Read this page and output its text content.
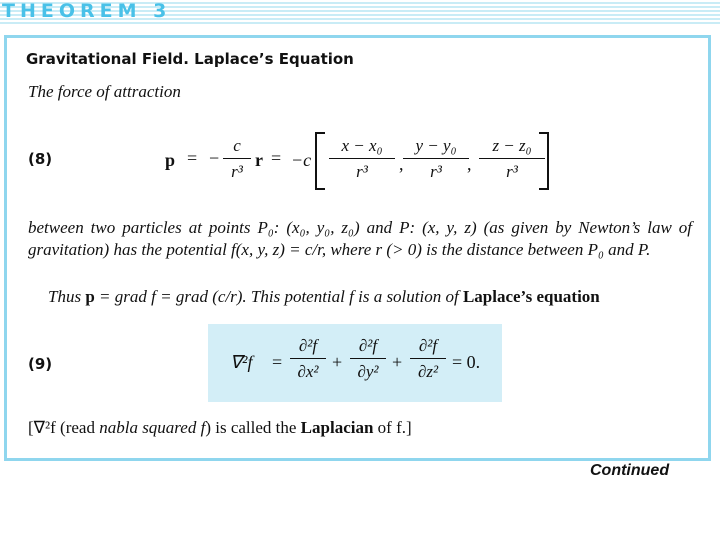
THEOREM 3
Gravitational Field. Laplace’s Equation
The force of attraction
(8)	p = − $\frac{c}{\text{r³}}$ $r = -c \frac{\text{x − x₀}}{\text{r³}}$ , $\frac{\text{y − y₀}}{\text{r³}}$
, $\frac{\text{z − z₀}}{\text{r³}}$
between two particles at points P₀: (x₀, y₀, z₀) and P: (x, y, z) (as given by Newton’s law of gravitation) has the potential f(x, y, z) = c/r, where r (> 0) is the distance between P₀ and P.
Thus p = grad f = grad (c/r). This potential f is a solution of Laplace’s equation
(9)	$\nabla^2f = \frac{\text{∂²f}}{\text{∂x²}} + \frac{\text{∂²f}}{\text{∂y²}} + \frac{\text{∂²f}}{\text{∂z²}} = 0$.
[∇²f (read nabla squared f) is called the Laplacian of f.]
Continued
